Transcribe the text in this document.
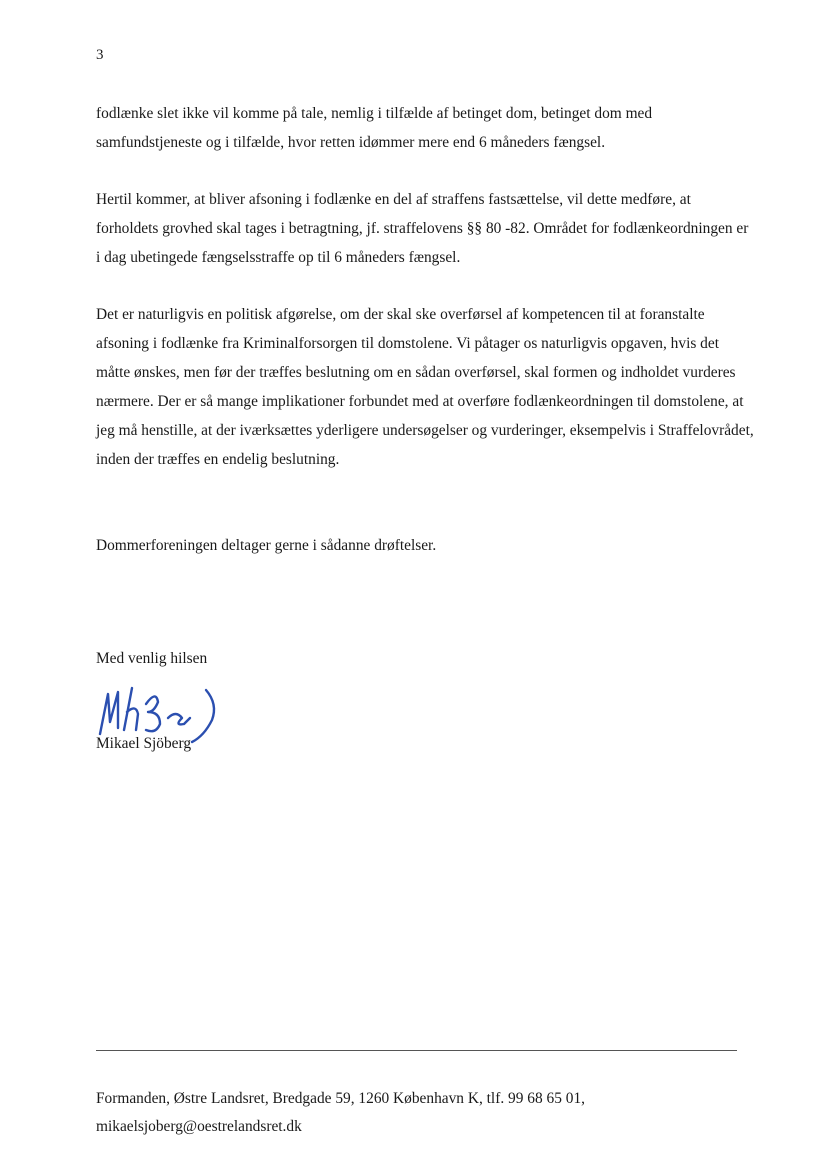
3

fodlænke slet ikke vil komme på tale, nemlig i tilfælde af betinget dom, betinget dom med samfundstjeneste og i tilfælde, hvor retten idømmer mere end 6 måneders fængsel.

Hertil kommer, at bliver afsoning i fodlænke en del af straffens fastsættelse, vil dette medføre, at forholdets grovhed skal tages i betragtning, jf. straffelovens §§ 80 -82. Området for fodlænkeordningen er i dag ubetingede fængselsstraffe op til 6 måneders fængsel.

Det er naturligvis en politisk afgørelse, om der skal ske overførsel af kompetencen til at foranstalte afsoning i fodlænke fra Kriminalforsorgen til domstolene. Vi påtager os naturligvis opgaven, hvis det måtte ønskes, men før der træffes beslutning om en sådan overførsel, skal formen og indholdet vurderes nærmere. Der er så mange implikationer forbundet med at overføre fodlænkeordningen til domstolene, at jeg må henstille, at der iværksættes yderligere undersøgelser og vurderinger, eksempelvis i Straffelovrådet, inden der træffes en endelig beslutning.

Dommerforeningen deltager gerne i sådanne drøftelser.

Med venlig hilsen
Mikael Sjöberg
Formanden, Østre Landsret, Bredgade 59, 1260 København K, tlf. 99 68 65 01,
mikaelsjoberg@oestrelandsret.dk
